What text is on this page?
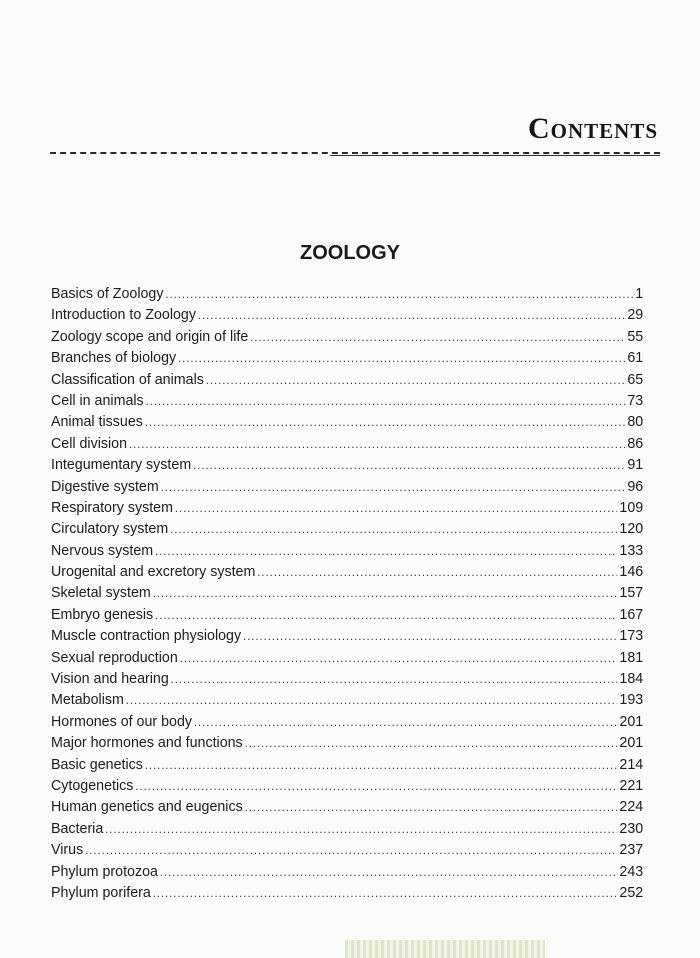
Contents
ZOOLOGY
Basics of Zoology .....	1
Introduction to Zoology .....	29
Zoology scope and origin of life .....	55
Branches of biology .....	61
Classification of animals .....	65
Cell in animals .....	73
Animal tissues .....	80
Cell division .....	86
Integumentary system .....	91
Digestive system .....	96
Respiratory system .....	109
Circulatory system .....	120
Nervous system .....	133
Urogenital and excretory system .....	146
Skeletal system .....	157
Embryo genesis .....	167
Muscle contraction physiology .....	173
Sexual reproduction .....	181
Vision and hearing .....	184
Metabolism .....	193
Hormones of our body .....	201
Major hormones and functions .....	201
Basic genetics .....	214
Cytogenetics .....	221
Human genetics and eugenics .....	224
Bacteria .....	230
Virus .....	237
Phylum protozoa .....	243
Phylum porifera .....	252
